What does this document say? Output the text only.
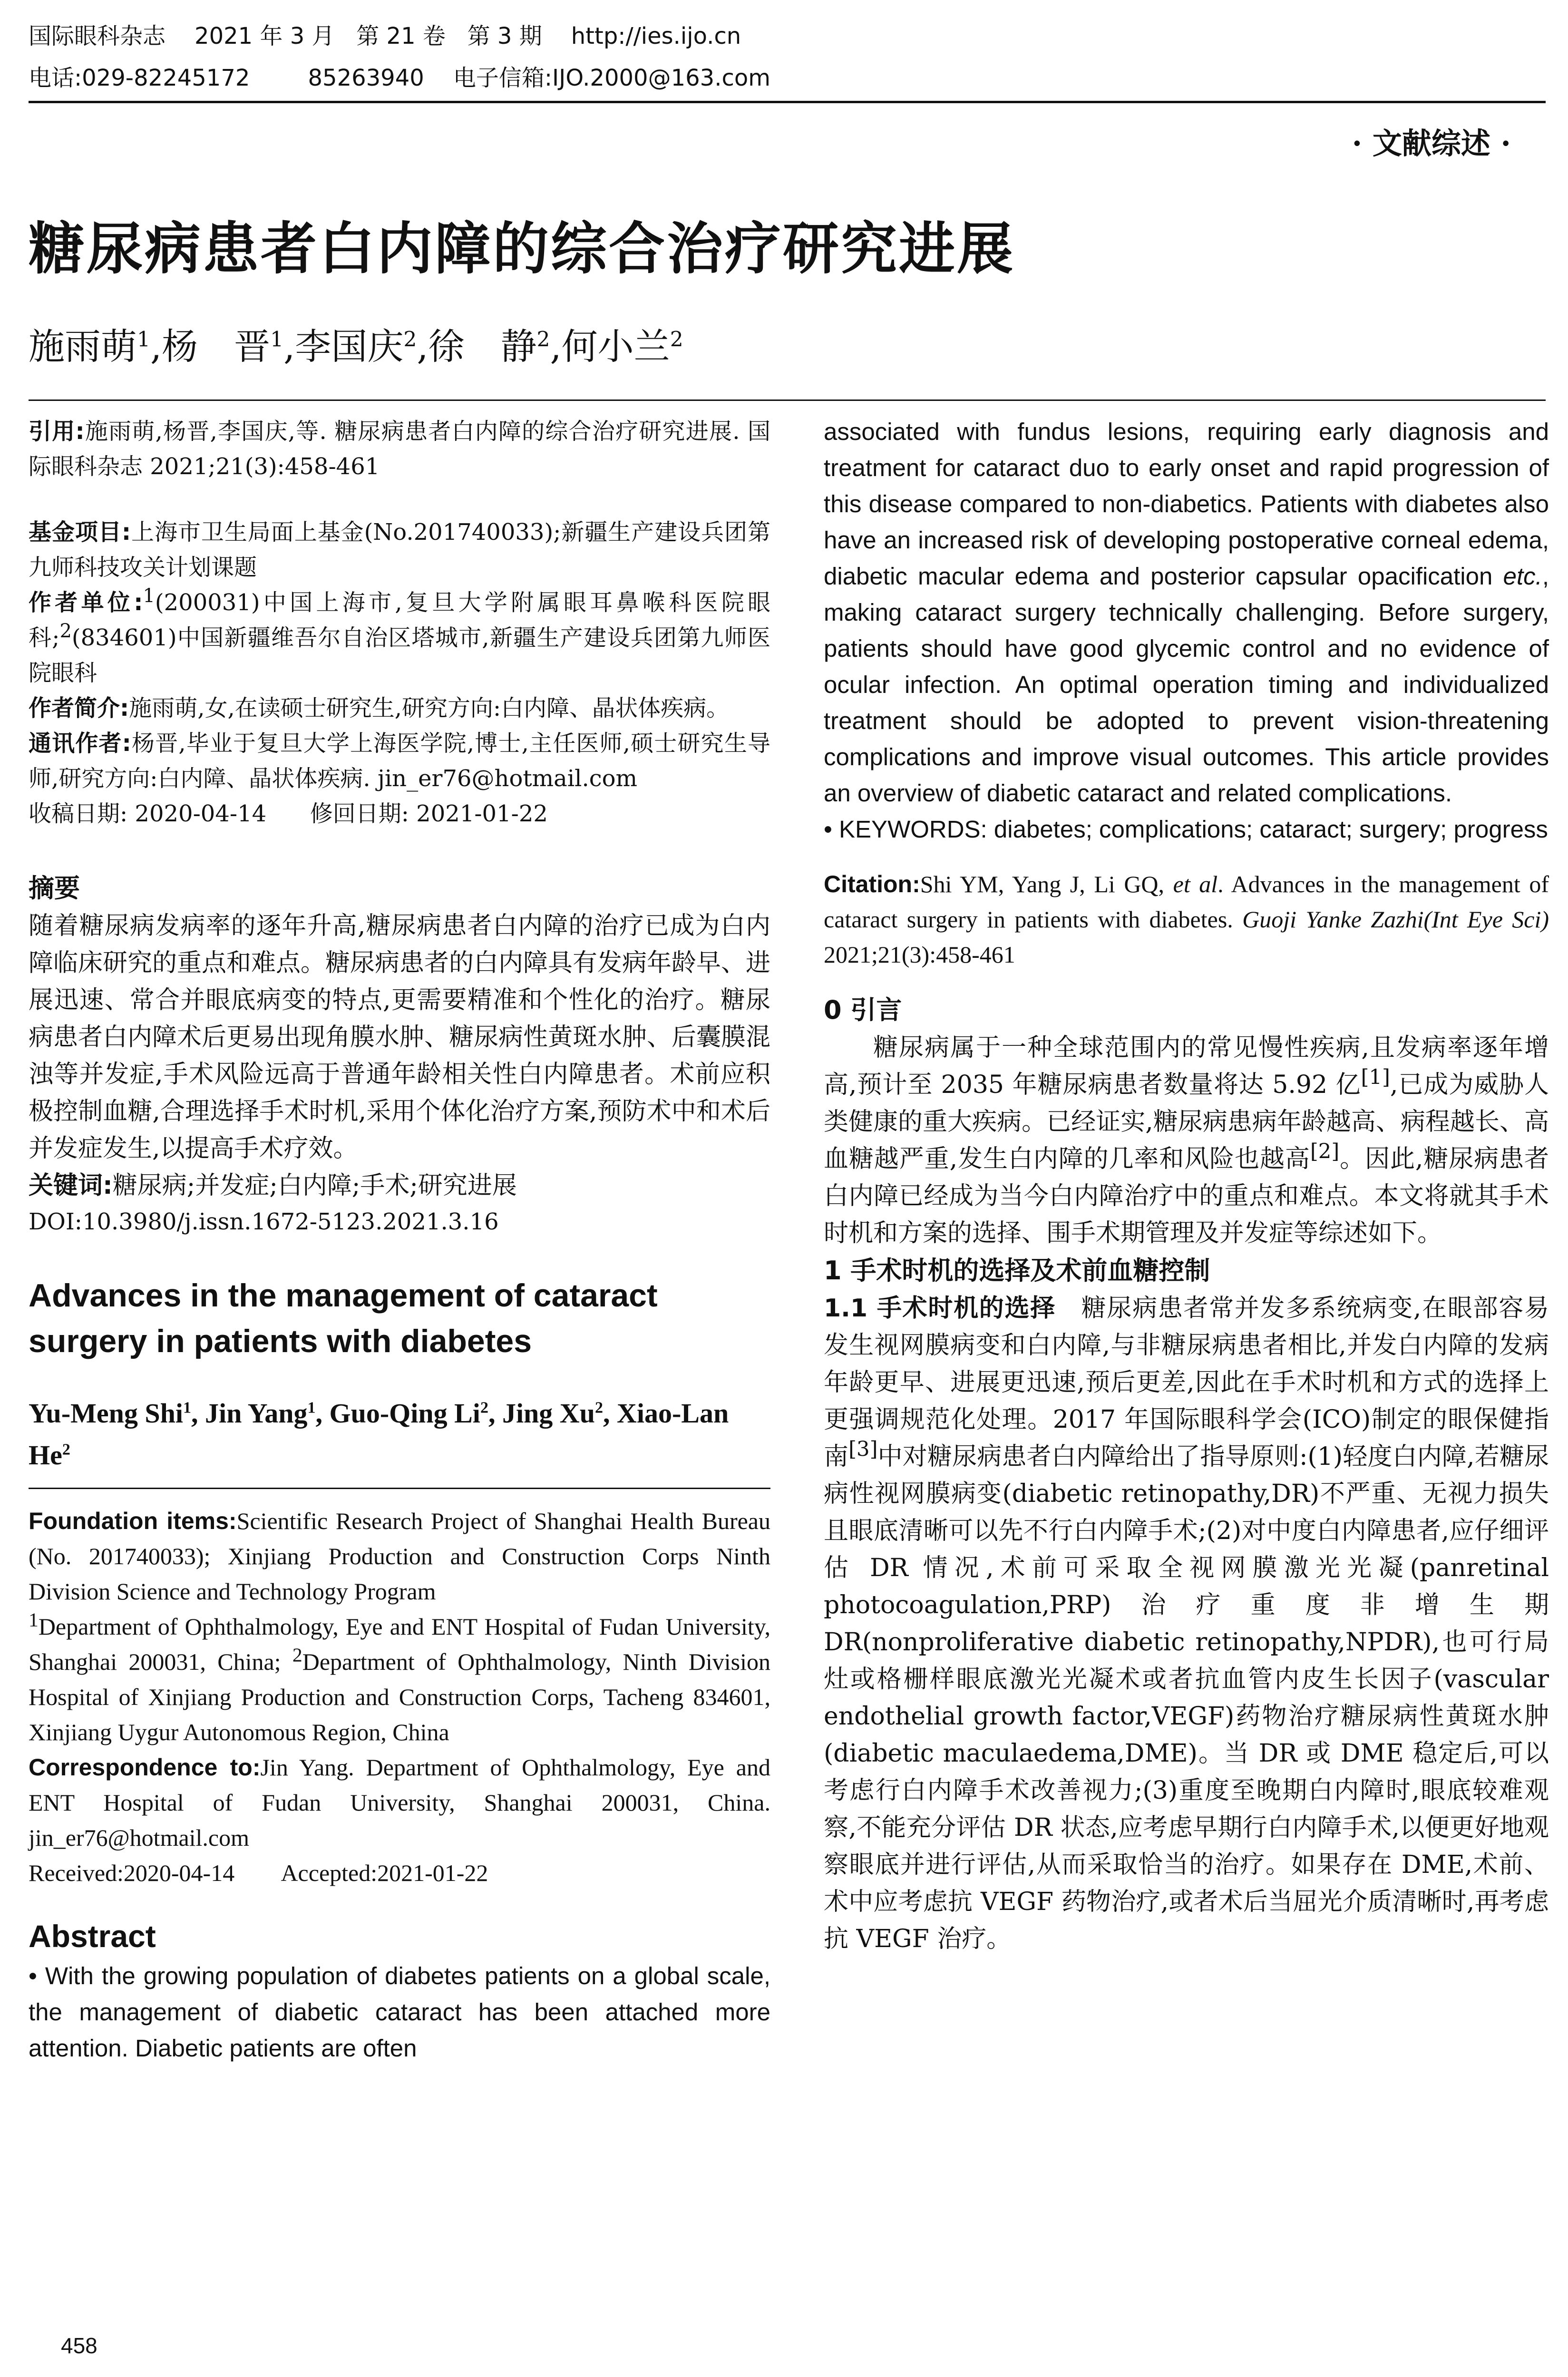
国际眼科杂志 2021 年 3 月   第 21 卷   第 3 期 http://ies.ijo.cn
电话:029-82245172        85263940 电子信箱:IJO.2000@163.com
· 文献综述 ·
糖尿病患者白内障的综合治疗研究进展
施雨萌$^1$,杨　晋$^1$,李国庆$^2$,徐　静$^2$,何小兰$^2$

引用:施雨萌,杨晋,李国庆,等. 糖尿病患者白内障的综合治疗研究进展. 国际眼科杂志 2021;21(3):458-461

基金项目:上海市卫生局面上基金(No.201740033);新疆生产建设兵团第九师科技攻关计划课题

作者单位:$^1$(200031)中国上海市,复旦大学附属眼耳鼻喉科医院眼科;$^2$(834601)中国新疆维吾尔自治区塔城市,新疆生产建设兵团第九师医院眼科

作者简介:施雨萌,女,在读硕士研究生,研究方向:白内障、晶状体疾病。

通讯作者:杨晋,毕业于复旦大学上海医学院,博士,主任医师,硕士研究生导师,研究方向:白内障、晶状体疾病. jin_er76@hotmail.com

收稿日期: 2020-04-14      修回日期: 2021-01-22

摘要

随着糖尿病发病率的逐年升高,糖尿病患者白内障的治疗已成为白内障临床研究的重点和难点。糖尿病患者的白内障具有发病年龄早、进展迅速、常合并眼底病变的特点,更需要精准和个性化的治疗。糖尿病患者白内障术后更易出现角膜水肿、糖尿病性黄斑水肿、后囊膜混浊等并发症,手术风险远高于普通年龄相关性白内障患者。术前应积极控制血糖,合理选择手术时机,采用个体化治疗方案,预防术中和术后并发症发生,以提高手术疗效。

关键词:糖尿病;并发症;白内障;手术;研究进展

DOI:10.3980/j.issn.1672-5123.2021.3.16

Advances in the management of cataract surgery in patients with diabetes

Yu-Meng Shi$^1$, Jin Yang$^1$, Guo-Qing Li$^2$, Jing Xu$^2$, Xiao-Lan He$^2$

Foundation items:Scientific Research Project of Shanghai Health Bureau (No. 201740033); Xinjiang Production and Construction Corps Ninth Division Science and Technology Program

$^1$Department of Ophthalmology, Eye and ENT Hospital of Fudan University, Shanghai 200031, China; $^2$Department of Ophthalmology, Ninth Division Hospital of Xinjiang Production and Construction Corps, Tacheng 834601, Xinjiang Uygur Autonomous Region, China

Correspondence to:Jin Yang. Department of Ophthalmology, Eye and ENT Hospital of Fudan University, Shanghai 200031, China. jin_er76@hotmail.com

Received:2020-04-14        Accepted:2021-01-22

Abstract

• With the growing population of diabetes patients on a global scale, the management of diabetic cataract has been attached more attention. Diabetic patients are often

associated with fundus lesions, requiring early diagnosis and treatment for cataract duo to early onset and rapid progression of this disease compared to non-diabetics. Patients with diabetes also have an increased risk of developing postoperative corneal edema, diabetic macular edema and posterior capsular opacification etc., making cataract surgery technically challenging. Before surgery, patients should have good glycemic control and no evidence of ocular infection. An optimal operation timing and individualized treatment should be adopted to prevent vision-threatening complications and improve visual outcomes. This article provides an overview of diabetic cataract and related complications.

• KEYWORDS: diabetes; complications; cataract; surgery; progress

Citation:Shi YM, Yang J, Li GQ, et al. Advances in the management of cataract surgery in patients with diabetes. Guoji Yanke Zazhi(Int Eye Sci) 2021;21(3):458-461

0 引言

糖尿病属于一种全球范围内的常见慢性疾病,且发病率逐年增高,预计至 2035 年糖尿病患者数量将达 5.92 亿[1],已成为威胁人类健康的重大疾病。已经证实,糖尿病患病年龄越高、病程越长、高血糖越严重,发生白内障的几率和风险也越高[2]。因此,糖尿病患者白内障已经成为当今白内障治疗中的重点和难点。本文将就其手术时机和方案的选择、围手术期管理及并发症等综述如下。

1 手术时机的选择及术前血糖控制

1.1 手术时机的选择　 糖尿病患者常并发多系统病变,在眼部容易发生视网膜病变和白内障,与非糖尿病患者相比,并发白内障的发病年龄更早、进展更迅速,预后更差,因此在手术时机和方式的选择上更强调规范化处理。2017 年国际眼科学会(ICO)制定的眼保健指南[3]中对糖尿病患者白内障给出了指导原则:(1)轻度白内障,若糖尿病性视网膜病变(diabetic retinopathy,DR)不严重、无视力损失且眼底清晰可以先不行白内障手术;(2)对中度白内障患者,应仔细评估 DR 情况,术前可采取全视网膜激光光凝(panretinal photocoagulation,PRP)治疗重度非增生期 DR(nonproliferative diabetic retinopathy,NPDR),也可行局灶或格栅样眼底激光光凝术或者抗血管内皮生长因子(vascular endothelial growth factor,VEGF)药物治疗糖尿病性黄斑水肿(diabetic maculaedema,DME)。当 DR 或 DME 稳定后,可以考虑行白内障手术改善视力;(3)重度至晚期白内障时,眼底较难观察,不能充分评估 DR 状态,应考虑早期行白内障手术,以便更好地观察眼底并进行评估,从而采取恰当的治疗。如果存在 DME,术前、术中应考虑抗 VEGF 药物治疗,或者术后当屈光介质清晰时,再考虑抗 VEGF 治疗。

458
